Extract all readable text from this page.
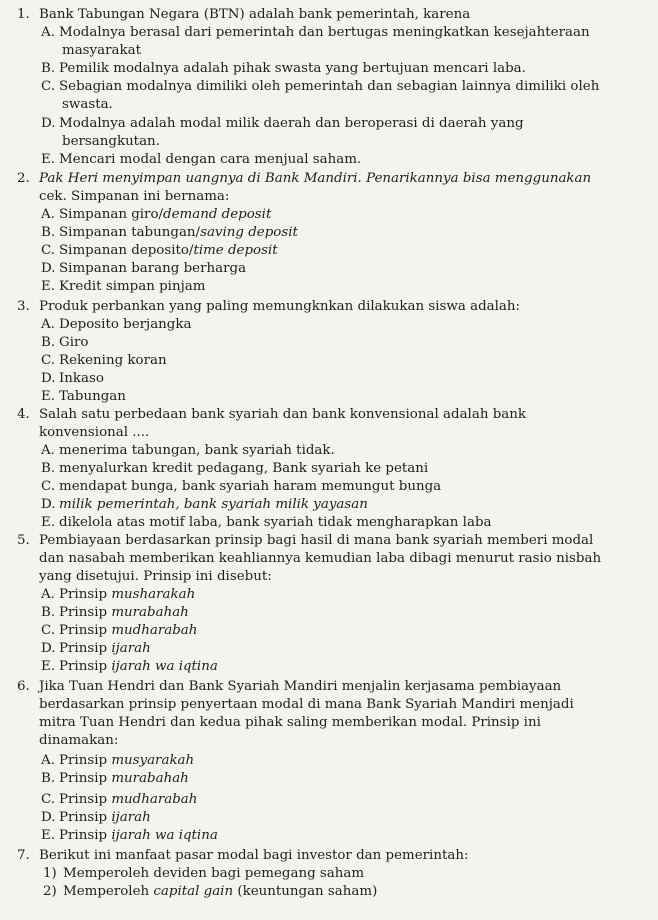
1. Bank Tabungan Negara (BTN) adalah bank pemerintah, karena
A. Modalnya berasal dari pemerintah dan bertugas meningkatkan kesejahteraan
masyarakat
B. Pemilik modalnya adalah pihak swasta yang bertujuan mencari laba.
C. Sebagian modalnya dimiliki oleh pemerintah dan sebagian lainnya dimiliki oleh
swasta.
D. Modalnya adalah modal milik daerah dan beroperasi di daerah yang
bersangkutan.
E. Mencari modal dengan cara menjual saham.
2. Pak Heri menyimpan uangnya di Bank Mandiri. Penarikannya bisa menggunakan
cek. Simpanan ini bernama:
A. Simpanan giro/demand deposit
B. Simpanan tabungan/saving deposit
C. Simpanan deposito/time deposit
D. Simpanan barang berharga
E. Kredit simpan pinjam
3. Produk perbankan yang paling memungknkan dilakukan siswa adalah:
A. Deposito berjangka
B. Giro
C. Rekening koran
D. Inkaso
E. Tabungan
4. Salah satu perbedaan bank syariah dan bank konvensional adalah bank
konvensional ....
A. menerima tabungan, bank syariah tidak.
B. menyalurkan kredit pedagang, Bank syariah ke petani
C. mendapat bunga, bank syariah haram memungut bunga
D. milik pemerintah, bank syariah milik yayasan
E. dikelola atas motif laba, bank syariah tidak mengharapkan laba
5. Pembiayaan berdasarkan prinsip bagi hasil di mana bank syariah memberi modal
dan nasabah memberikan keahliannya kemudian laba dibagi menurut rasio nisbah
yang disetujui. Prinsip ini disebut:
A. Prinsip musharakah
B. Prinsip murabahah
C. Prinsip mudharabah
D. Prinsip ijarah
E. Prinsip ijarah wa iqtina
6. Jika Tuan Hendri dan Bank Syariah Mandiri menjalin kerjasama pembiayaan
berdasarkan prinsip penyertaan modal di mana Bank Syariah Mandiri menjadi
mitra Tuan Hendri dan kedua pihak saling memberikan modal. Prinsip ini
dinamakan:
A. Prinsip musyarakah
B. Prinsip murabahah
C. Prinsip mudharabah
D. Prinsip ijarah
E. Prinsip ijarah wa iqtina
7. Berikut ini manfaat pasar modal bagi investor dan pemerintah:
1) Memperoleh deviden bagi pemegang saham
2) Memperoleh capital gain (keuntungan saham)
